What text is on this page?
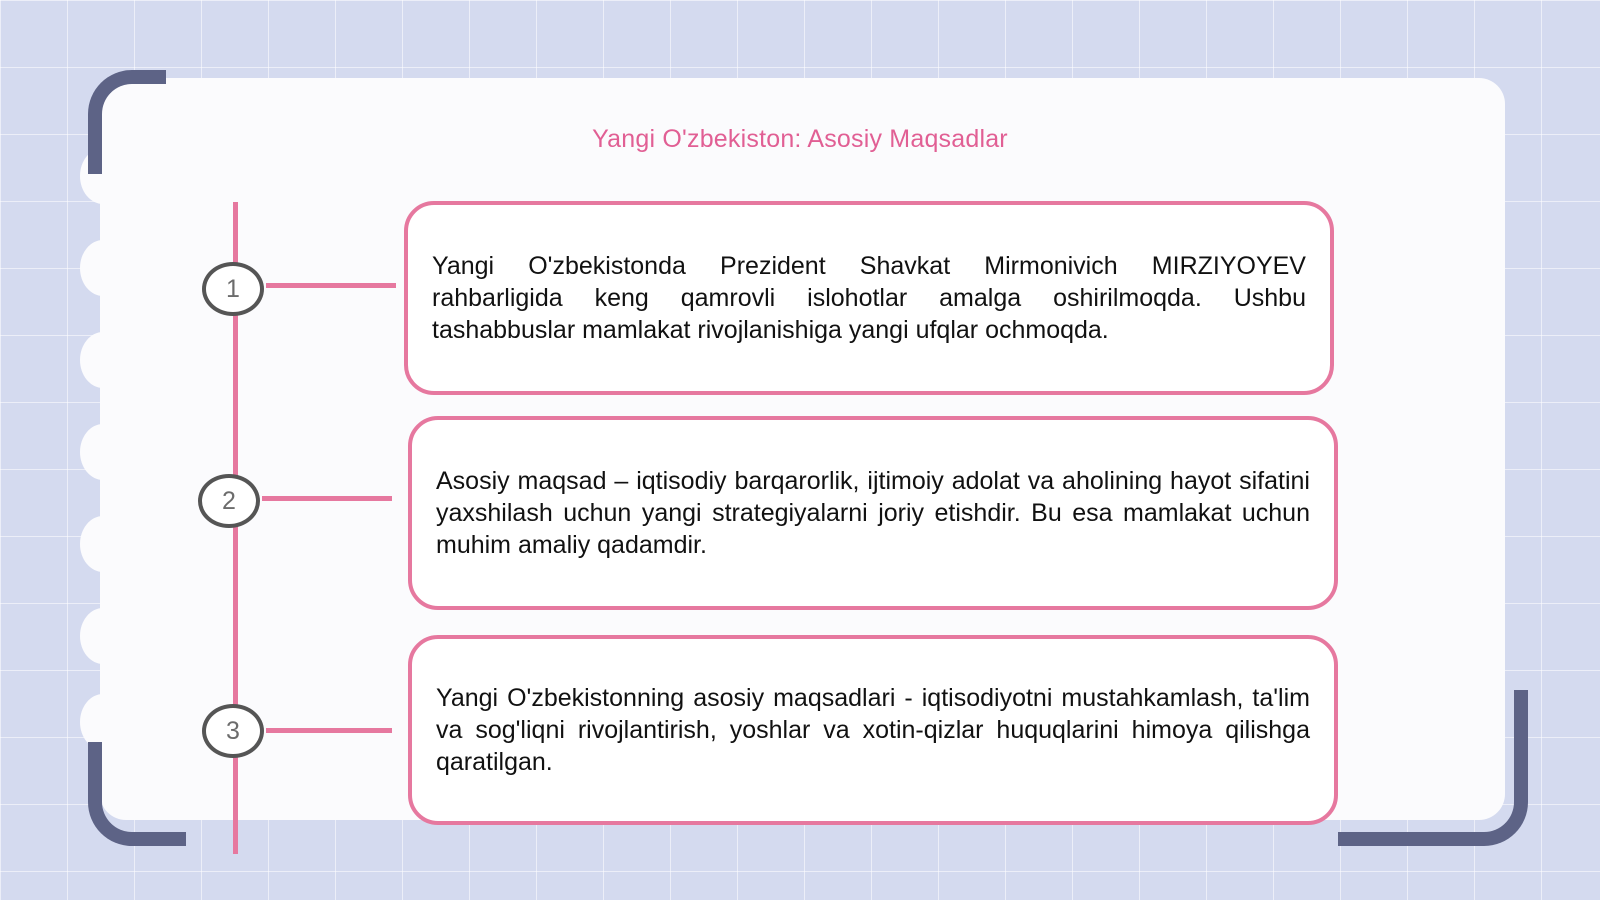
Yangi O'zbekiston: Asosiy Maqsadlar
1
2
3

Yangi O'zbekistonda Prezident Shavkat Mirmonivich MIRZIYOYEV rahbarligida keng qamrovli islohotlar amalga oshirilmoqda. Ushbu tashabbuslar mamlakat rivojlanishiga yangi ufqlar ochmoqda.

Asosiy maqsad – iqtisodiy barqarorlik, ijtimoiy adolat va aholining hayot sifatini yaxshilash uchun yangi strategiyalarni joriy etishdir. Bu esa mamlakat uchun muhim amaliy qadamdir.

Yangi O'zbekistonning asosiy maqsadlari - iqtisodiyotni mustahkamlash, ta'lim va sog'liqni rivojlantirish, yoshlar va xotin-qizlar huquqlarini himoya qilishga qaratilgan.
